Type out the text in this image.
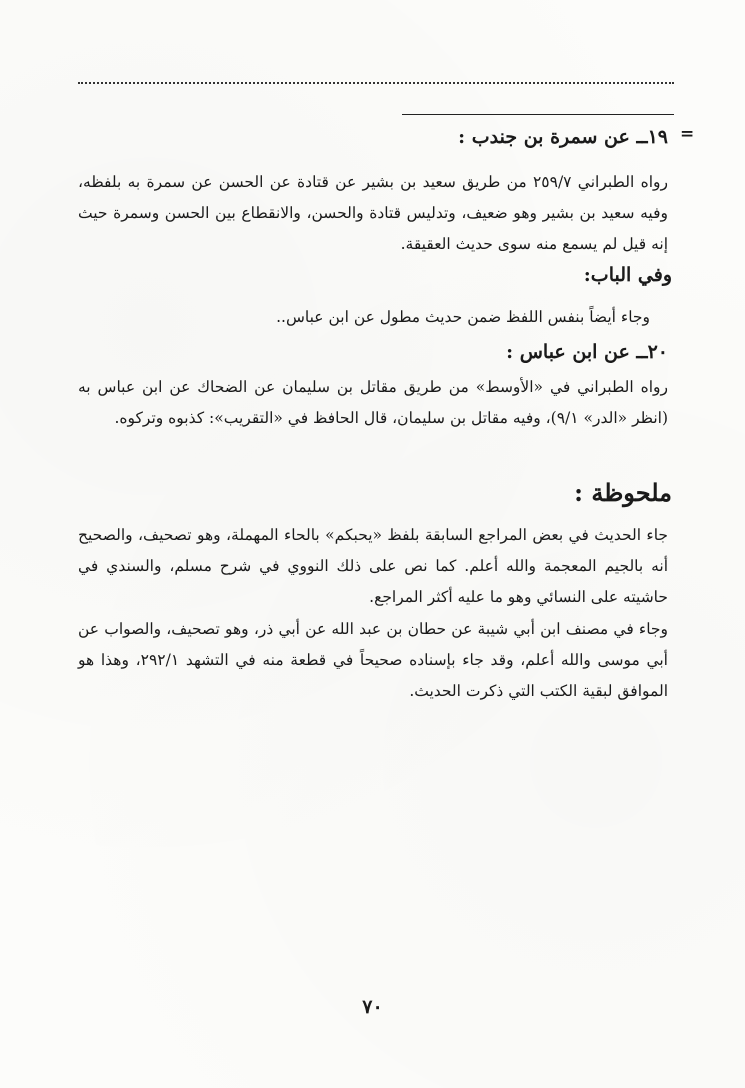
=
١٩ــ عن سمرة بن جندب :
رواه الطبراني ٢٥٩/٧ من طريق سعيد بن بشير عن قتادة عن الحسن عن سمرة به بلفظه، وفيه سعيد بن بشير وهو ضعيف، وتدليس قتادة والحسن، والانقطاع بين الحسن وسمرة حيث إنه قيل لم يسمع منه سوى حديث العقيقة.
وفي الباب:
وجاء أيضاً بنفس اللفظ ضمن حديث مطول عن ابن عباس..
٢٠ــ عن ابن عباس :
رواه الطبراني في «الأوسط» من طريق مقاتل بن سليمان عن الضحاك عن ابن عباس به (انظر «الدر» ٩/١)، وفيه مقاتل بن سليمان، قال الحافظ في «التقريب»: كذبوه وتركوه.
ملحوظة :
جاء الحديث في بعض المراجع السابقة بلفظ «يحبكم» بالحاء المهملة، وهو تصحيف، والصحيح أنه بالجيم المعجمة والله أعلم. كما نص على ذلك النووي في شرح مسلم، والسندي في حاشيته على النسائي وهو ما عليه أكثر المراجع.
وجاء في مصنف ابن أبي شيبة عن حطان بن عبد الله عن أبي ذر، وهو تصحيف، والصواب عن أبي موسى والله أعلم، وقد جاء بإسناده صحيحاً في قطعة منه في التشهد ٢٩٢/١، وهذا هو الموافق لبقية الكتب التي ذكرت الحديث.
٧٠
